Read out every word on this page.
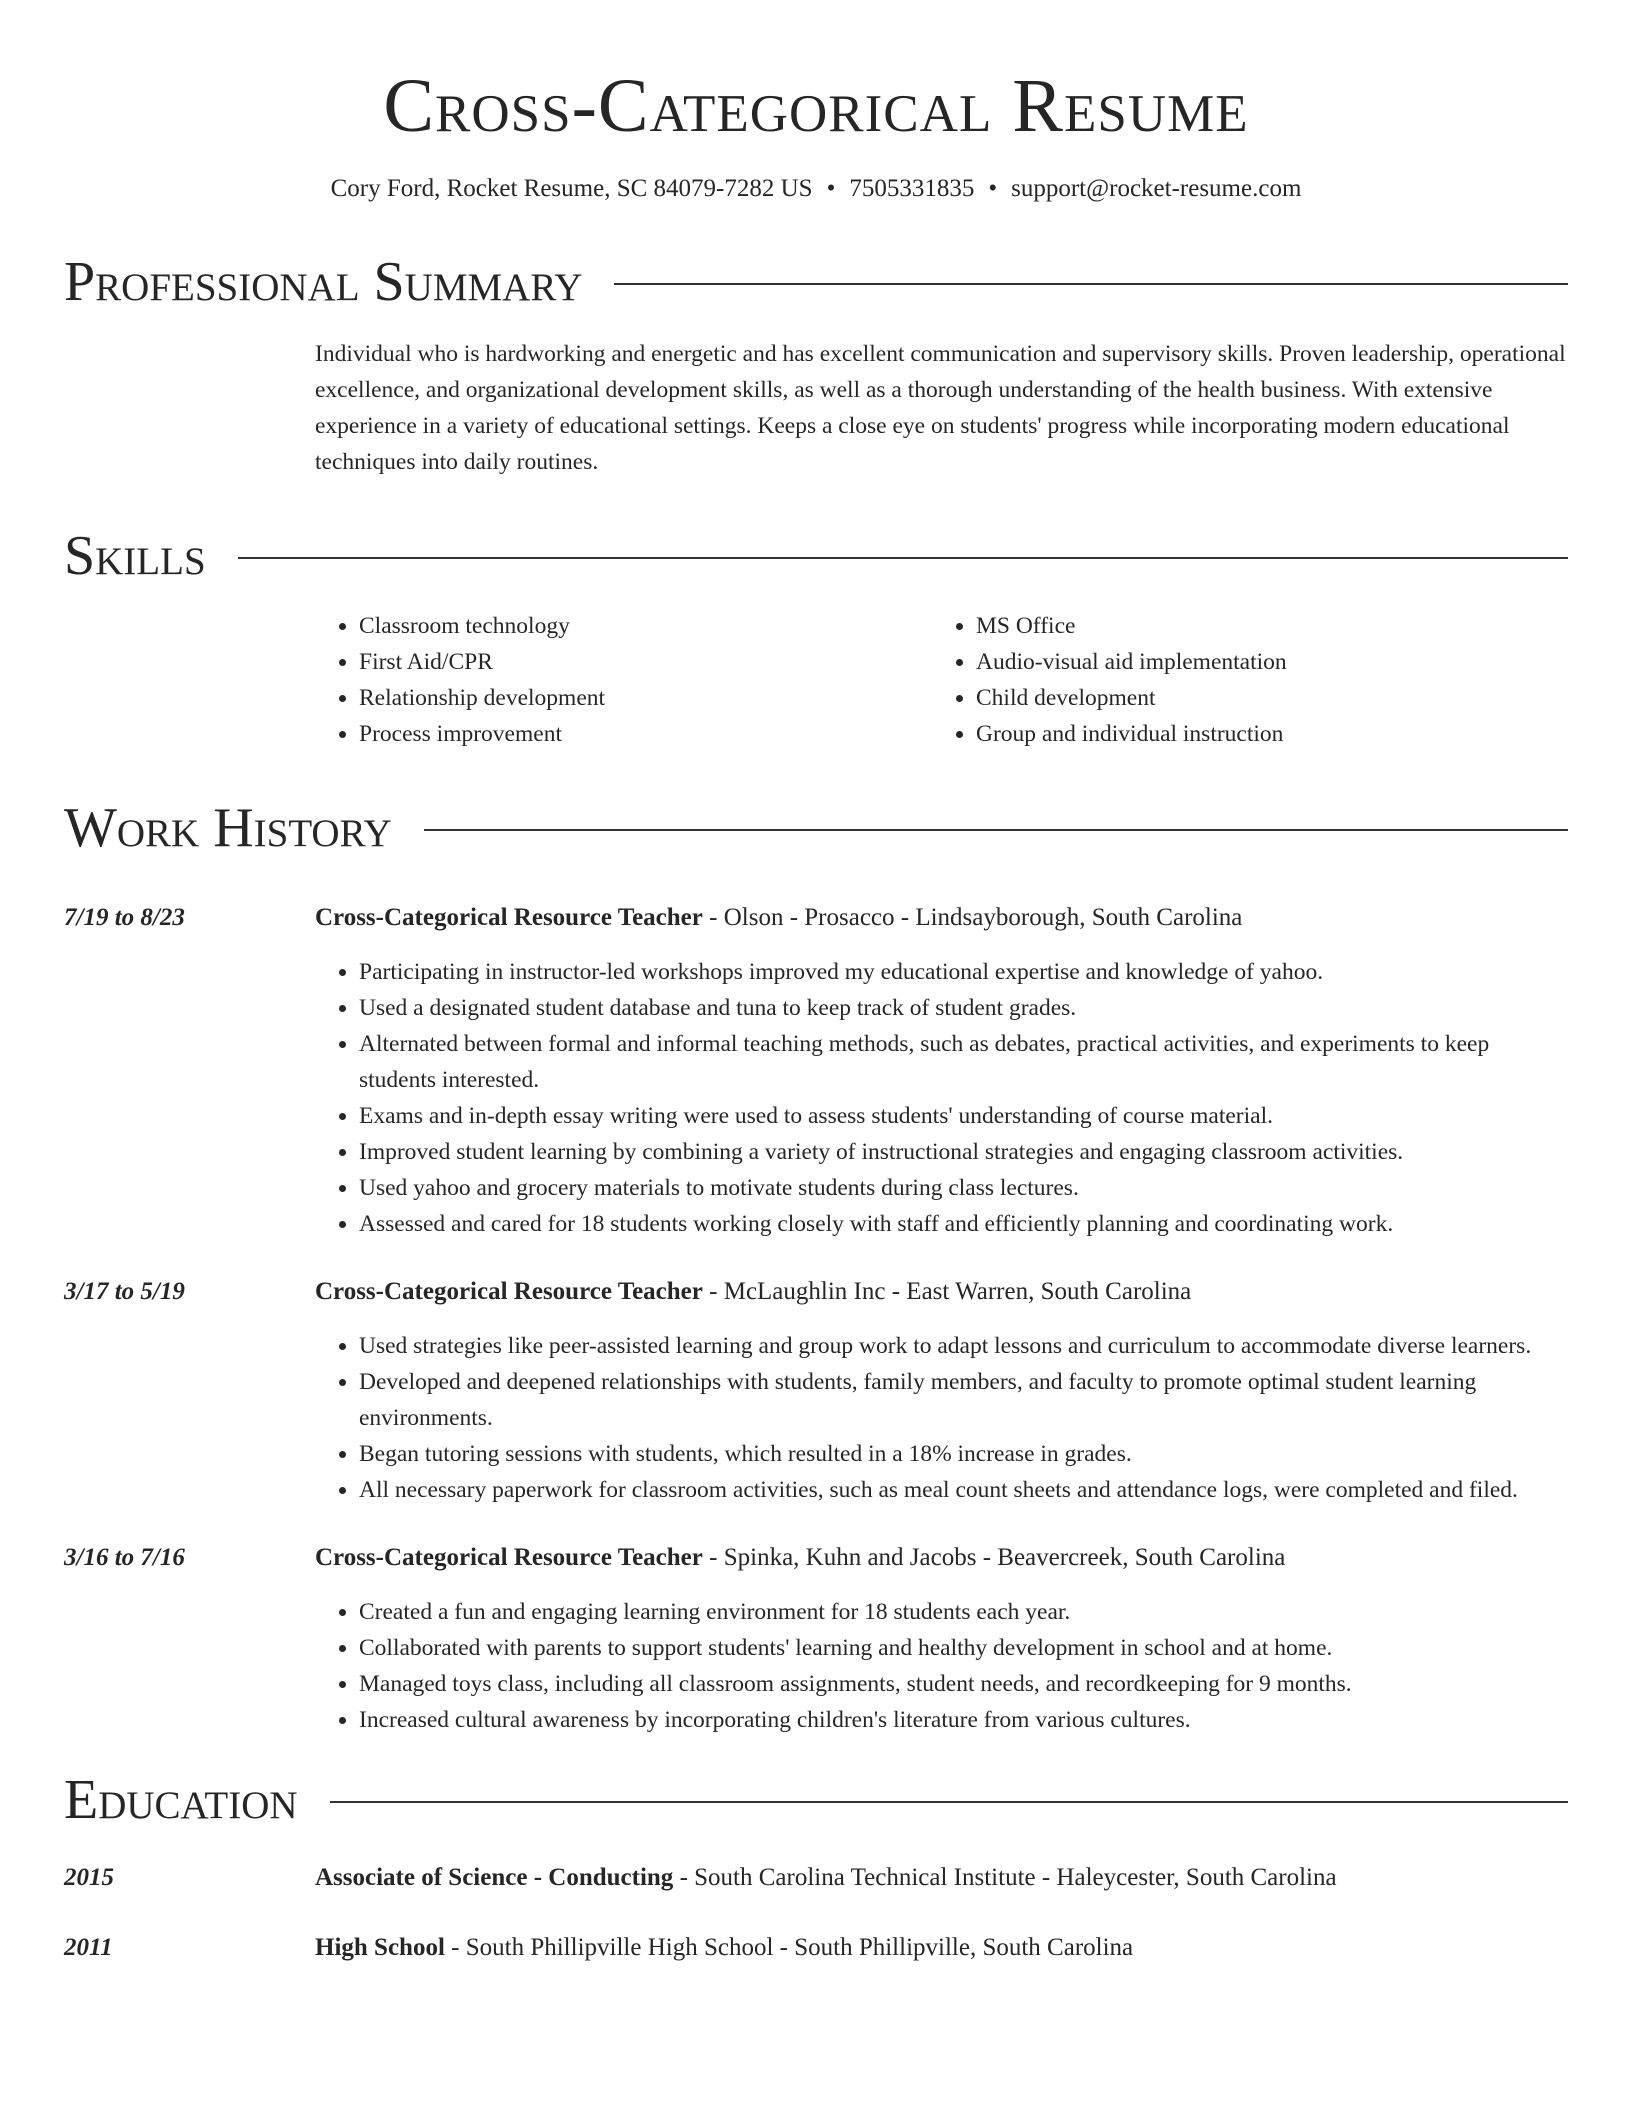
Cross-Categorical Resume
Cory Ford, Rocket Resume, SC 84079-7282 US • 7505331835 • support@rocket-resume.com
Professional Summary
Individual who is hardworking and energetic and has excellent communication and supervisory skills. Proven leadership, operational excellence, and organizational development skills, as well as a thorough understanding of the health business. With extensive experience in a variety of educational settings. Keeps a close eye on students' progress while incorporating modern educational techniques into daily routines.
Skills
• Classroom technology
• First Aid/CPR
• Relationship development
• Process improvement
• MS Office
• Audio-visual aid implementation
• Child development
• Group and individual instruction
Work History
7/19 to 8/23	Cross-Categorical Resource Teacher - Olson - Prosacco - Lindsayborough, South Carolina
• Participating in instructor-led workshops improved my educational expertise and knowledge of yahoo.
• Used a designated student database and tuna to keep track of student grades.
• Alternated between formal and informal teaching methods, such as debates, practical activities, and experiments to keep students interested.
• Exams and in-depth essay writing were used to assess students' understanding of course material.
• Improved student learning by combining a variety of instructional strategies and engaging classroom activities.
• Used yahoo and grocery materials to motivate students during class lectures.
• Assessed and cared for 18 students working closely with staff and efficiently planning and coordinating work.
3/17 to 5/19	Cross-Categorical Resource Teacher - McLaughlin Inc - East Warren, South Carolina
• Used strategies like peer-assisted learning and group work to adapt lessons and curriculum to accommodate diverse learners.
• Developed and deepened relationships with students, family members, and faculty to promote optimal student learning environments.
• Began tutoring sessions with students, which resulted in a 18% increase in grades.
• All necessary paperwork for classroom activities, such as meal count sheets and attendance logs, were completed and filed.
3/16 to 7/16	Cross-Categorical Resource Teacher - Spinka, Kuhn and Jacobs - Beavercreek, South Carolina
• Created a fun and engaging learning environment for 18 students each year.
• Collaborated with parents to support students' learning and healthy development in school and at home.
• Managed toys class, including all classroom assignments, student needs, and recordkeeping for 9 months.
• Increased cultural awareness by incorporating children's literature from various cultures.
Education
2015	Associate of Science - Conducting - South Carolina Technical Institute - Haleycester, South Carolina
2011	High School - South Phillipville High School - South Phillipville, South Carolina
